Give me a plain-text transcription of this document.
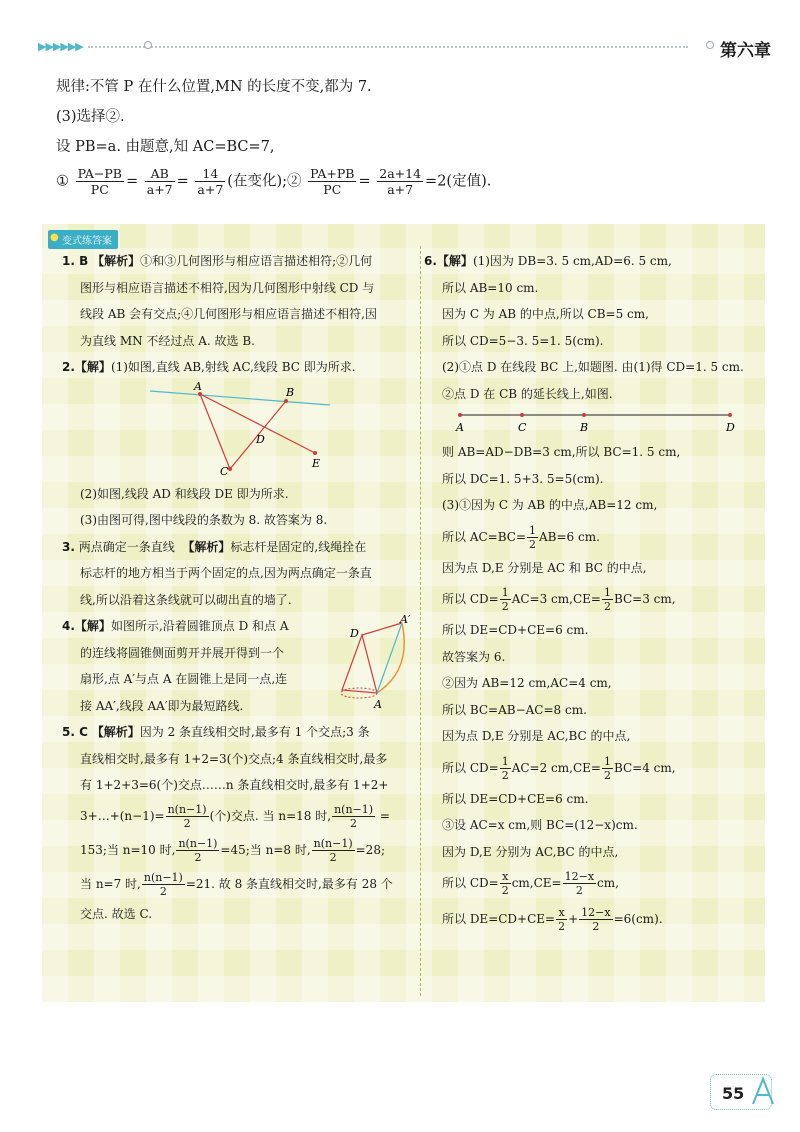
▶▶▶▶▶▶	第六章

规律:不管 P 在什么位置,MN 的长度不变,都为 7.

(3)选择②.

设 PB=a. 由题意,知 AC=BC=7,

① $\frac{PA-PB}{PC} = \frac{AB}{a+7} = \frac{14}{a+7}$ (在变化);② $\frac{PA+PB}{PC} = \frac{2a+14}{a+7} =2$(定值).

● 变式练答案

1. B 【解析】①和③几何图形与相应语言描述相符;②几何

图形与相应语言描述不相符,因为几何图形中射线 CD 与

线段 AB 会有交点;④几何图形与相应语言描述不相符,因

为直线 MN 不经过点 A. 故选 B.

2.【解】(1)如图,直线 AB,射线 AC,线段 BC 即为所求.

A	B
C
D
E

(2)如图,线段 AD 和线段 DE 即为所求.

(3)由图可得,图中线段的条数为 8. 故答案为 8.

3. 两点确定一条直线 【解析】标志杆是固定的,线绳拴在

标志杆的地方相当于两个固定的点,因为两点确定一条直

线,所以沿着这条线就可以砌出直的墙了.

4.【解】如图所示,沿着圆锥顶点 D 和点 A

的连线将圆锥侧面剪开并展开得到一个

扇形,点 A′与点 A 在圆锥上是同一点,连

接 AA′,线段 AA′即为最短路线.

D
A
A′

5. C 【解析】因为 2 条直线相交时,最多有 1 个交点;3 条

直线相交时,最多有 1+2=3(个)交点;4 条直线相交时,最多

有 1+2+3=6(个)交点……n 条直线相交时,最多有 1+2+

3+…+(n−1)= $\frac{n(n-1)}{2}$ (个)交点. 当 n=18 时, $\frac{n(n-1)}{2}$ =

153;当 n=10 时, $\frac{n(n-1)}{2} =45$;当 n=8 时, $\frac{n(n-1)}{2} =28$;

当 n=7 时, $\frac{n(n-1)}{2} =21$. 故 8 条直线相交时,最多有 28 个

交点. 故选 C.

6.【解】(1)因为 DB=3. 5 cm,AD=6. 5 cm,

所以 AB=10 cm.

因为 C 为 AB 的中点,所以 CB=5 cm,

所以 CD=5−3. 5=1. 5(cm).

(2)①点 D 在线段 BC 上,如题图. 由(1)得 CD=1. 5 cm.

②点 D 在 CB 的延长线上,如图.

A	C	B	D

则 AB=AD−DB=3 cm,所以 BC=1. 5 cm,

所以 DC=1. 5+3. 5=5(cm).

(3)①因为 C 为 AB 的中点,AB=12 cm,

所以 $AC=BC= \frac{1}{2} AB=6$ cm.

因为点 D,E 分别是 AC 和 BC 的中点,

所以 $CD= \frac{1}{2} AC=3$ $cm,CE= \frac{1}{2} BC=3$ cm,

所以 DE=CD+CE=6 cm.

故答案为 6.

②因为 AB=12 cm,AC=4 cm,

所以 BC=AB−AC=8 cm.

因为点 D,E 分别是 AC,BC 的中点,

所以 $CD= \frac{1}{2} AC=2$ $cm,CE= \frac{1}{2} BC=4$ cm,

所以 DE=CD+CE=6 cm.

③设 AC=x cm,则 BC=(12−x)cm.

因为 D,E 分别为 AC,BC 的中点,

所以 $CD= \frac{x}{2} cm,CE= \frac{12-x}{2}$ cm,

所以 $DE=CD+CE= \frac{x}{2} + \frac{12-x}{2} =6(cm)$.

55
